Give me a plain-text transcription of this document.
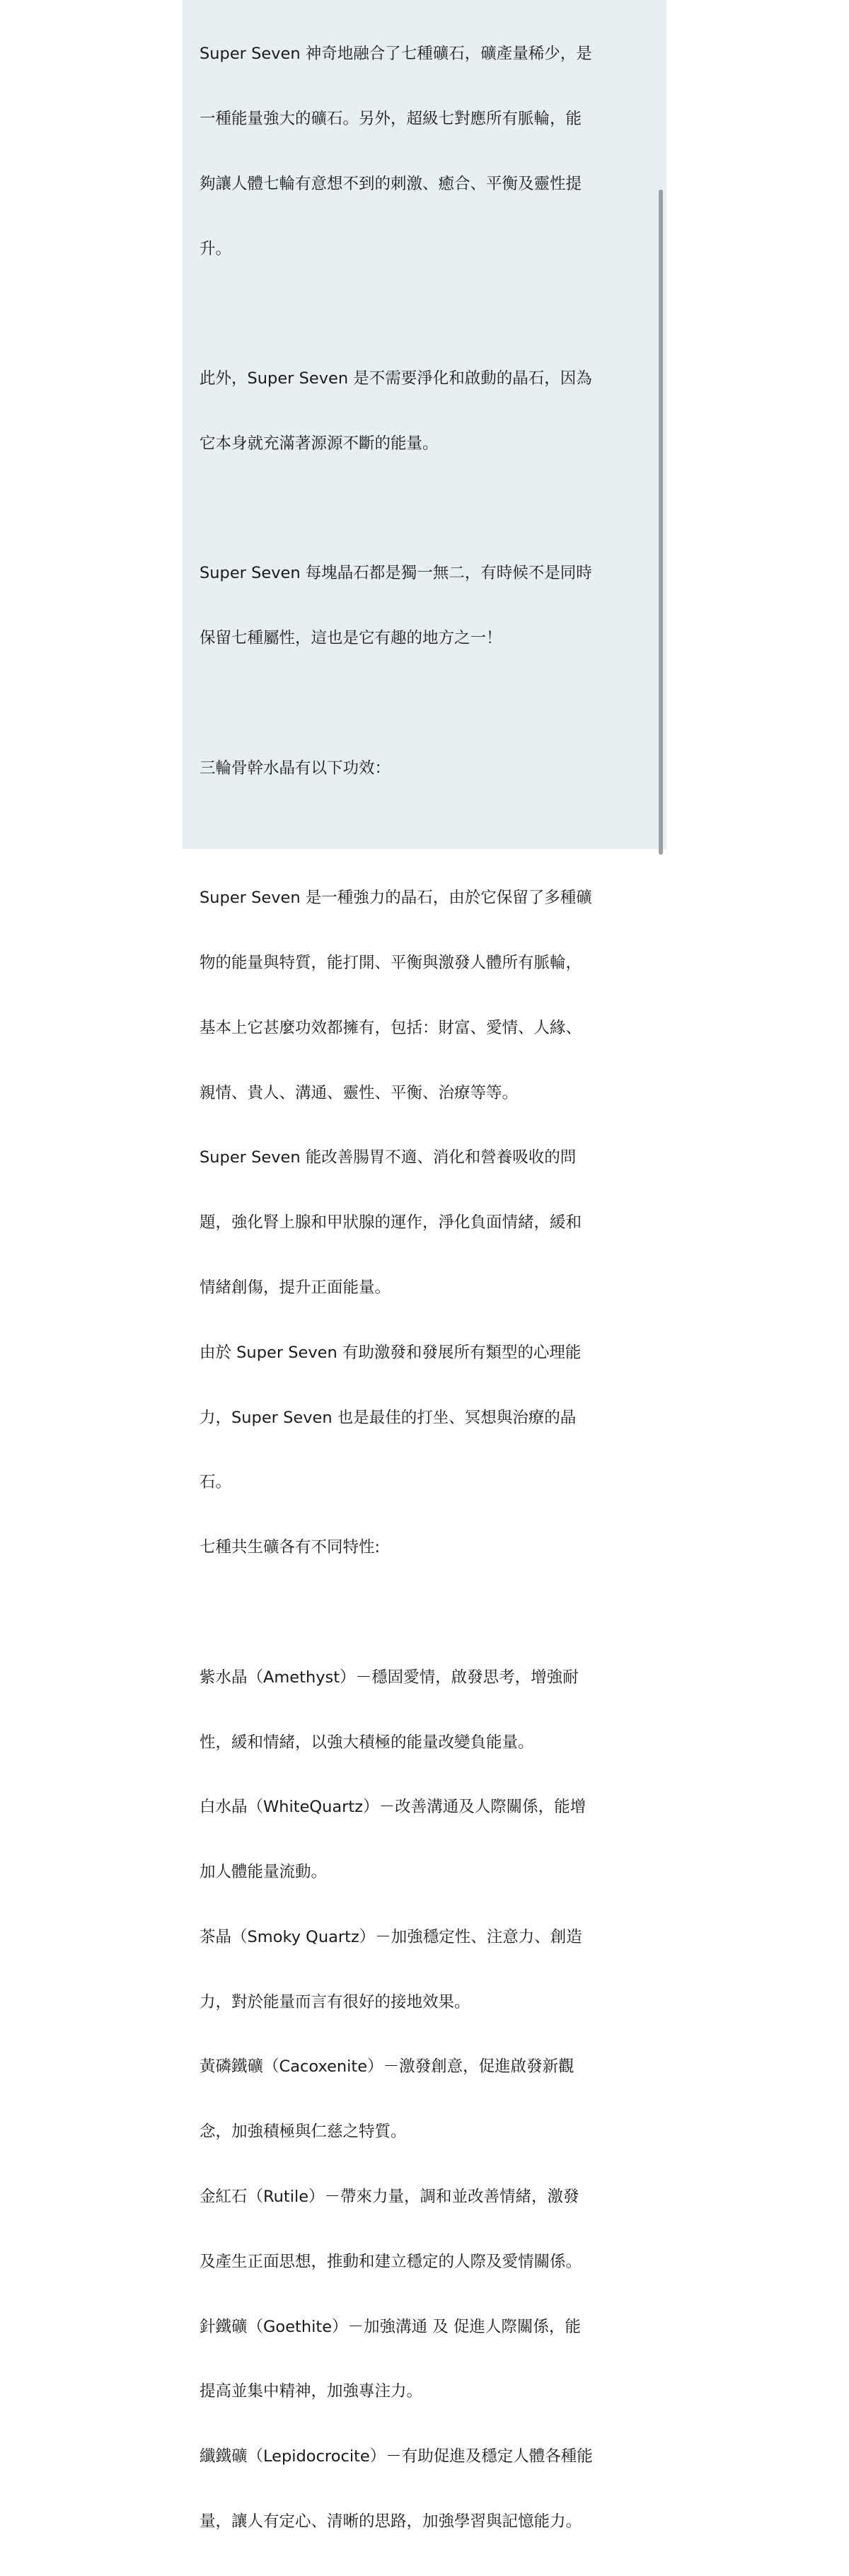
Super Seven 神奇地融合了七種礦石，礦產量稀少，是

一種能量強大的礦石。另外，超級七對應所有脈輪，能

夠讓人體七輪有意想不到的刺激、癒合、平衡及靈性提

升。

此外，Super Seven 是不需要淨化和啟動的晶石，因為

它本身就充滿著源源不斷的能量。

Super Seven 每塊晶石都是獨一無二，有時候不是同時

保留七種屬性，這也是它有趣的地方之一！

三輪骨幹水晶有以下功效：

Super Seven 是一種強力的晶石，由於它保留了多種礦

物的能量與特質，能打開、平衡與激發人體所有脈輪，

基本上它甚麼功效都擁有，包括：財富、愛情、人緣、

親情、貴人、溝通、靈性、平衡、治療等等。

Super Seven 能改善腸胃不適、消化和營養吸收的問

題，強化腎上腺和甲狀腺的運作，淨化負面情緒，緩和

情緒創傷，提升正面能量。

由於 Super Seven 有助激發和發展所有類型的心理能

力，Super Seven 也是最佳的打坐、冥想與治療的晶

石。

七種共生礦各有不同特性:

紫水晶（Amethyst）－穩固愛情，啟發思考，增強耐

性，緩和情緒，以強大積極的能量改變負能量。

白水晶（WhiteQuartz）－改善溝通及人際關係，能增

加人體能量流動。

茶晶（Smoky Quartz）－加強穩定性、注意力、創造

力，對於能量而言有很好的接地效果。

黃磷鐵礦（Cacoxenite）－激發創意，促進啟發新觀

念，加強積極與仁慈之特質。

金紅石（Rutile）－帶來力量，調和並改善情緒，激發

及產生正面思想，推動和建立穩定的人際及愛情關係。

針鐵礦（Goethite）－加強溝通 及 促進人際關係，能

提高並集中精神，加強專注力。

纖鐵礦（Lepidocrocite）－有助促進及穩定人體各種能

量，讓人有定心、清晰的思路，加強學習與記憶能力。
